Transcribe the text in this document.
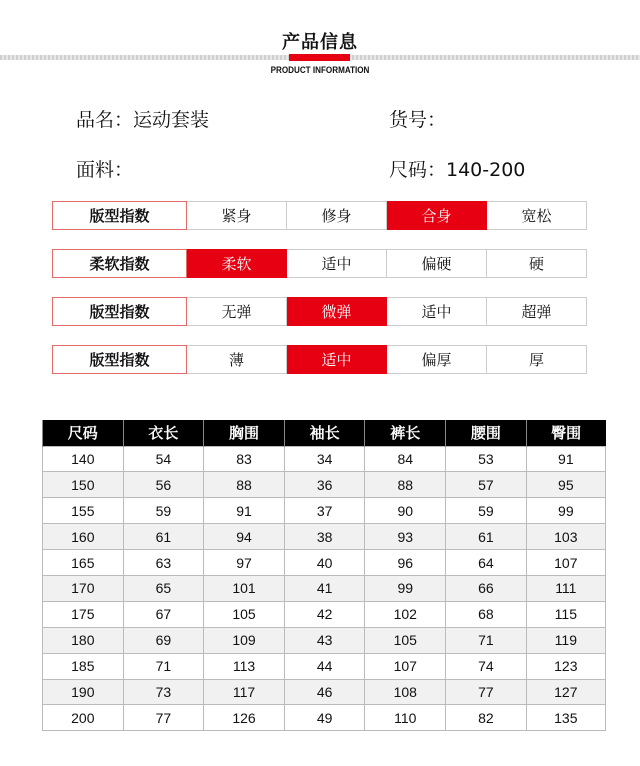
产品信息
PRODUCT INFORMATION
品名：运动套装	货号：
面料：	尺码：140-200
版型指数	紧身	修身	合身	宽松
柔软指数	柔软	适中	偏硬	硬
版型指数	无弹	微弹	适中	超弹
版型指数	薄	适中	偏厚	厚
尺码	衣长	胸围	袖长	裤长	腰围	臀围
140	54	83	34	84	53	91
150	56	88	36	88	57	95
155	59	91	37	90	59	99
160	61	94	38	93	61	103
165	63	97	40	96	64	107
170	65	101	41	99	66	111
175	67	105	42	102	68	115
180	69	109	43	105	71	119
185	71	113	44	107	74	123
190	73	117	46	108	77	127
200	77	126	49	110	82	135
